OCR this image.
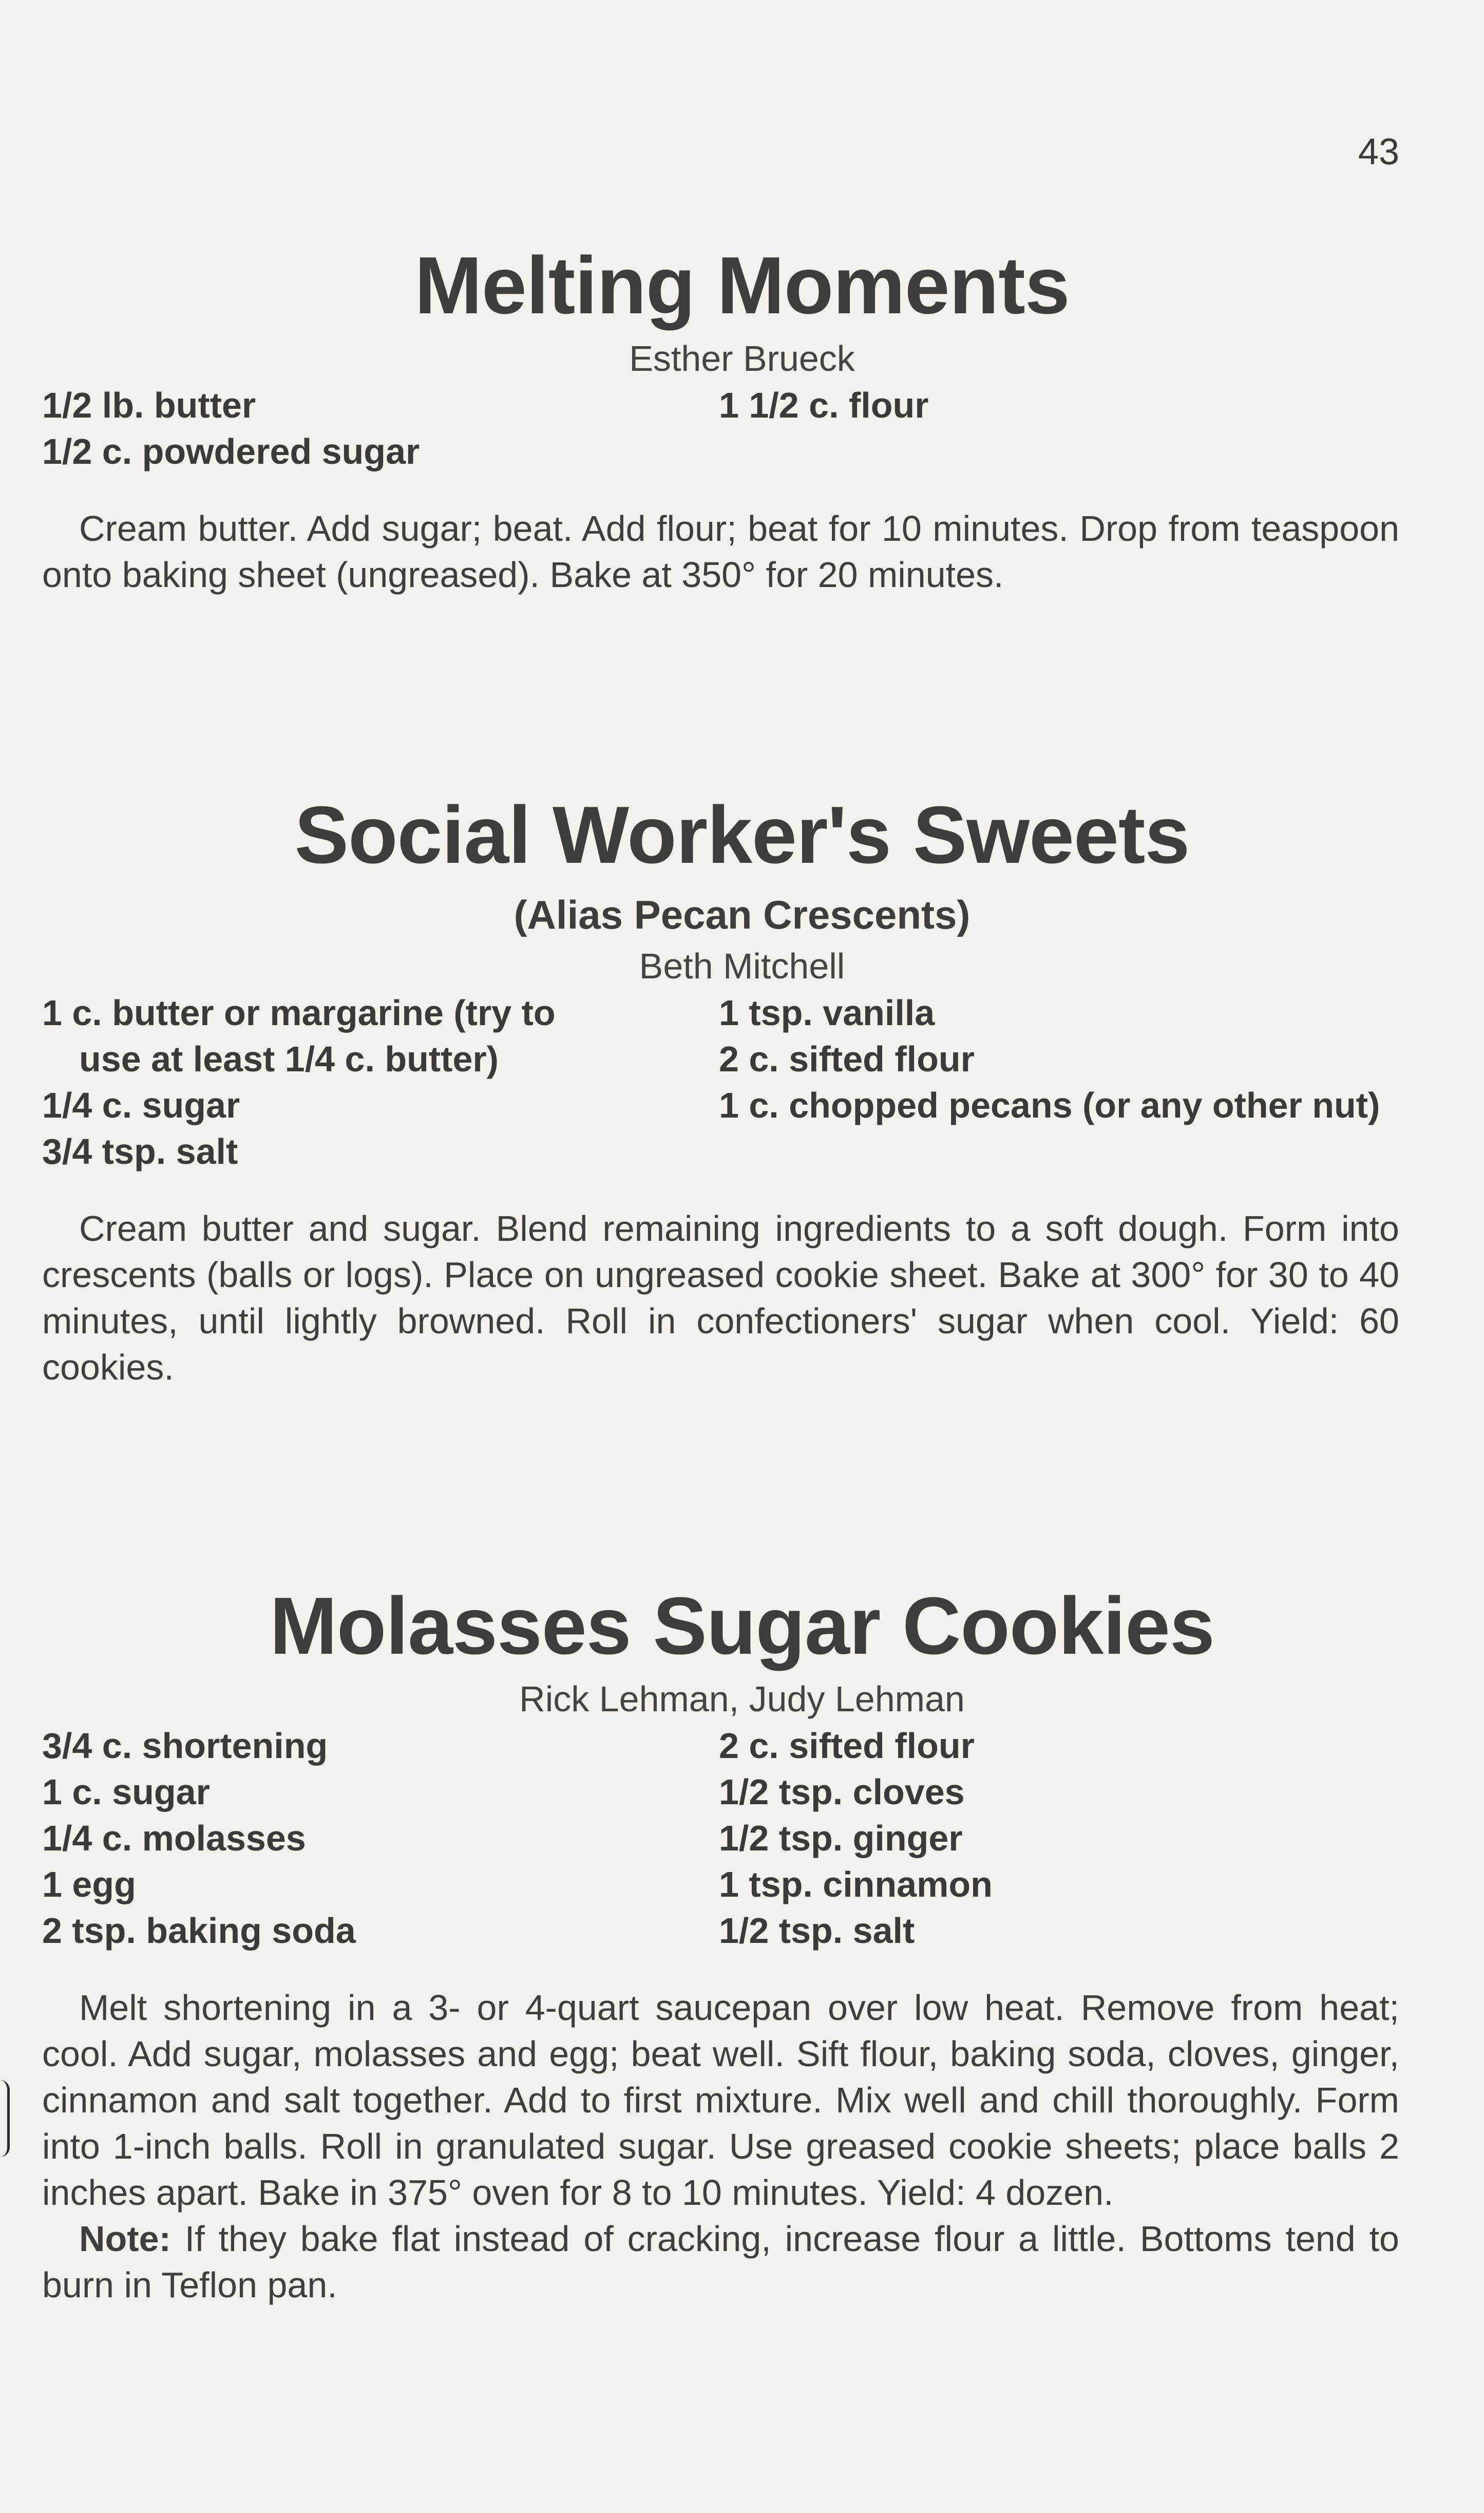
43
Melting Moments
Esther Brueck
1/2 lb. butter
1/2 c. powdered sugar
1 1/2 c. flour

Cream butter. Add sugar; beat. Add flour; beat for 10 minutes. Drop from teaspoon onto baking sheet (ungreased). Bake at 350° for 20 minutes.

Social Worker's Sweets
(Alias Pecan Crescents)
Beth Mitchell
1 c. butter or margarine (try to use at least 1/4 c. butter)
1/4 c. sugar
3/4 tsp. salt
1 tsp. vanilla
2 c. sifted flour
1 c. chopped pecans (or any other nut)

Cream butter and sugar. Blend remaining ingredients to a soft dough. Form into crescents (balls or logs). Place on ungreased cookie sheet. Bake at 300° for 30 to 40 minutes, until lightly browned. Roll in confectioners' sugar when cool. Yield: 60 cookies.

Molasses Sugar Cookies
Rick Lehman, Judy Lehman
3/4 c. shortening
1 c. sugar
1/4 c. molasses
1 egg
2 tsp. baking soda
2 c. sifted flour
1/2 tsp. cloves
1/2 tsp. ginger
1 tsp. cinnamon
1/2 tsp. salt

Melt shortening in a 3- or 4-quart saucepan over low heat. Remove from heat; cool. Add sugar, molasses and egg; beat well. Sift flour, baking soda, cloves, ginger, cinnamon and salt together. Add to first mixture. Mix well and chill thoroughly. Form into 1-inch balls. Roll in granulated sugar. Use greased cookie sheets; place balls 2 inches apart. Bake in 375° oven for 8 to 10 minutes. Yield: 4 dozen.

Note: If they bake flat instead of cracking, increase flour a little. Bottoms tend to burn in Teflon pan.
